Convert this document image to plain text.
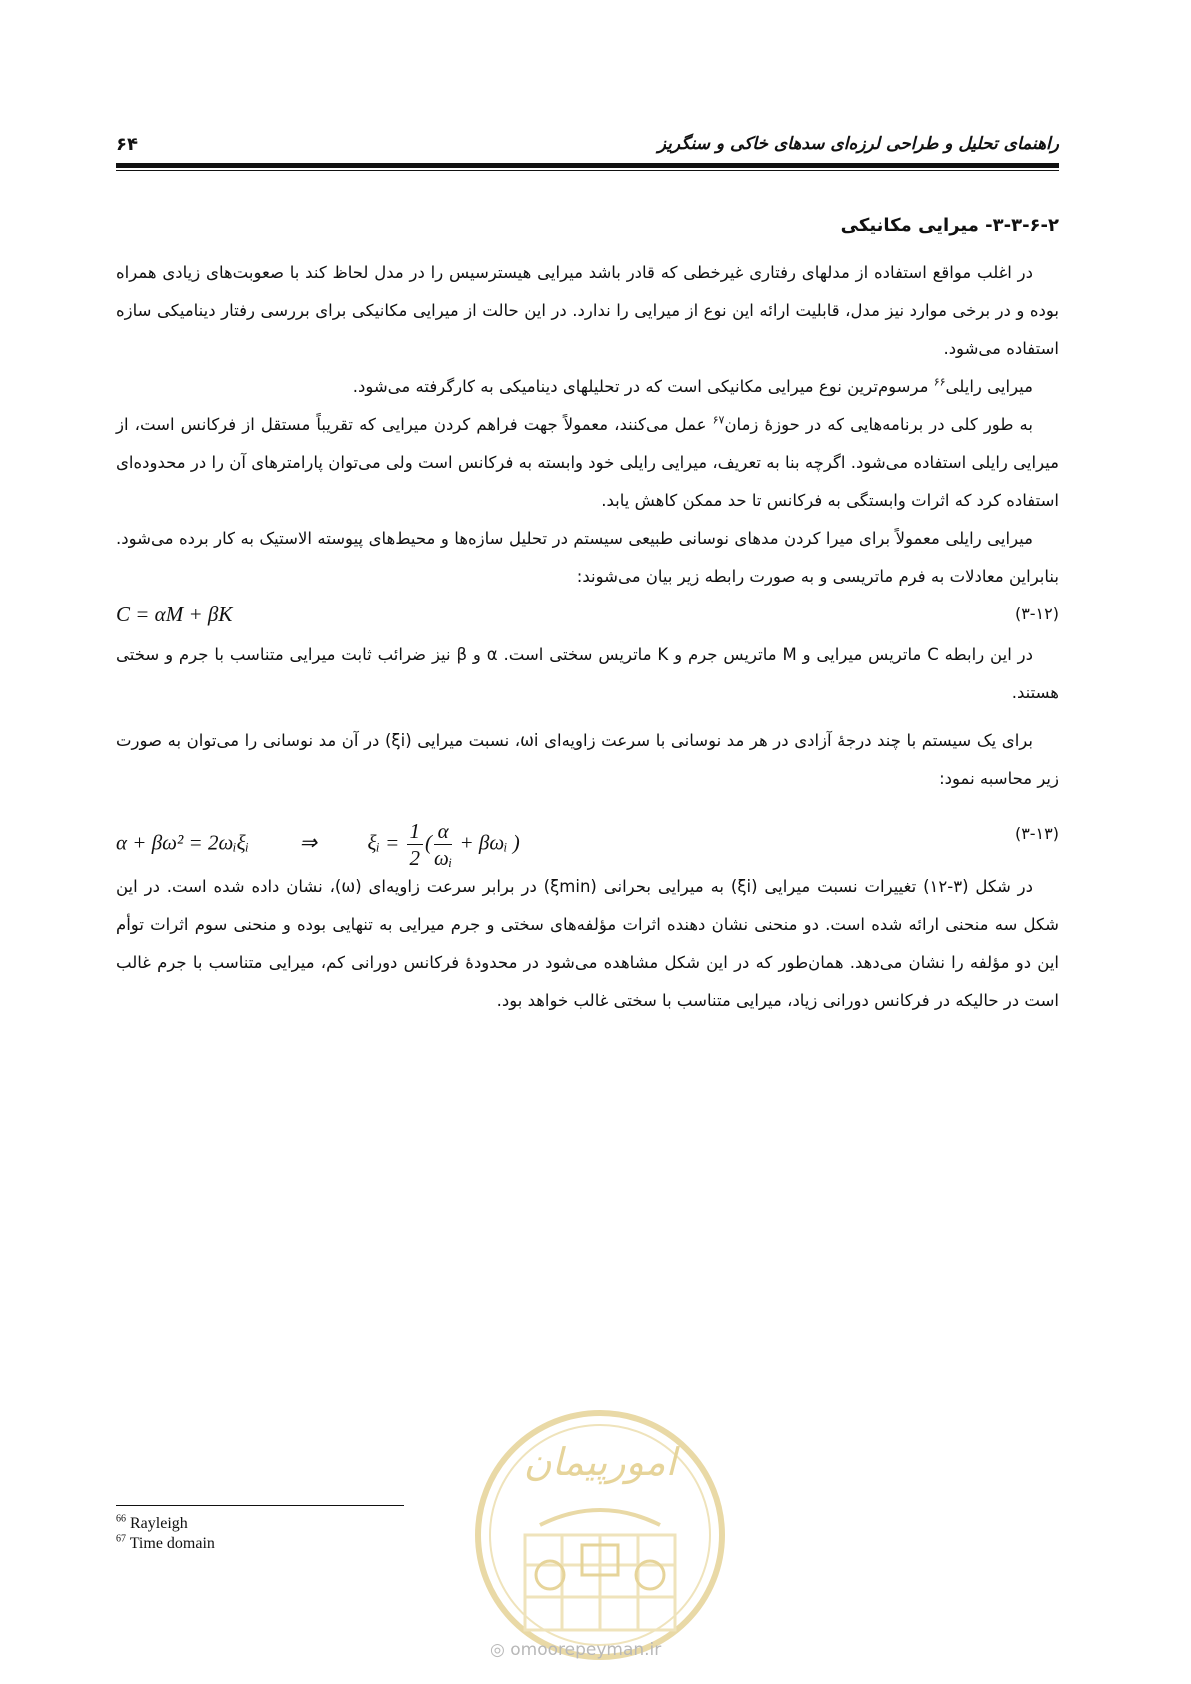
راهنمای تحلیل و طراحی لرزه‌ای سدهای خاکی و سنگریز
۶۴
۳-۳-۶-۲- میرایی مکانیکی

در اغلب مواقع استفاده از مدلهای رفتاری غیرخطی که قادر باشد میرایی هیسترسیس را در مدل لحاظ کند با صعوبت‌های زیادی همراه بوده و در برخی موارد نیز مدل، قابلیت ارائه این نوع از میرایی را ندارد. در این حالت از میرایی مکانیکی برای بررسی رفتار دینامیکی سازه استفاده می‌شود.

میرایی رایلی$^{۶۶}$ مرسوم‌ترین نوع میرایی مکانیکی است که در تحلیلهای دینامیکی به کارگرفته می‌شود.

به طور کلی در برنامه‌هایی که در حوزهٔ زمان$^{۶۷}$ عمل می‌کنند، معمولاً جهت فراهم کردن میرایی که تقریباً مستقل از فرکانس است، از میرایی رایلی استفاده می‌شود. اگرچه بنا به تعریف، میرایی رایلی خود وابسته به فرکانس است ولی می‌توان پارامترهای آن را در محدوده‌ای استفاده کرد که اثرات وابستگی به فرکانس تا حد ممکن کاهش یابد.

میرایی رایلی معمولاً برای میرا کردن مدهای نوسانی طبیعی سیستم در تحلیل سازه‌ها و محیط‌های پیوسته الاستیک به کار برده می‌شود. بنابراین معادلات به فرم ماتریسی و به صورت رابطه زیر بیان می‌شوند:

C = αM + βK	(۳-۱۲)

در این رابطه C ماتریس میرایی و M ماتریس جرم و K ماتریس سختی است. α و β نیز ضرائب ثابت میرایی متناسب با جرم و سختی هستند.

برای یک سیستم با چند درجهٔ آزادی در هر مد نوسانی با سرعت زاویه‌ای ωi، نسبت میرایی (ξi) در آن مد نوسانی را می‌توان به صورت زیر محاسبه نمود:

α + βω² = 2ωᵢξᵢ ⇒ ξᵢ = $\frac{1}{2}$ ( $\frac{\alpha}{\text{ωᵢ}}$ + βωᵢ )	(۳-۱۳)

در شکل (۳-۱۲) تغییرات نسبت میرایی (ξi) به میرایی بحرانی (ξmin) در برابر سرعت زاویه‌ای (ω)، نشان داده شده است. در این شکل سه منحنی ارائه شده است. دو منحنی نشان دهنده اثرات مؤلفه‌های سختی و جرم میرایی به تنهایی بوده و منحنی سوم اثرات توأم این دو مؤلفه را نشان می‌دهد. همان‌طور که در این شکل مشاهده می‌شود در محدودهٔ فرکانس دورانی کم، میرایی متناسب با جرم غالب است در حالیکه در فرکانس دورانی زیاد، میرایی متناسب با سختی غالب خواهد بود.

امورپیمان
◎ omoorepeyman.ir
$^{66}$ Rayleigh
$^{67}$ Time domain
